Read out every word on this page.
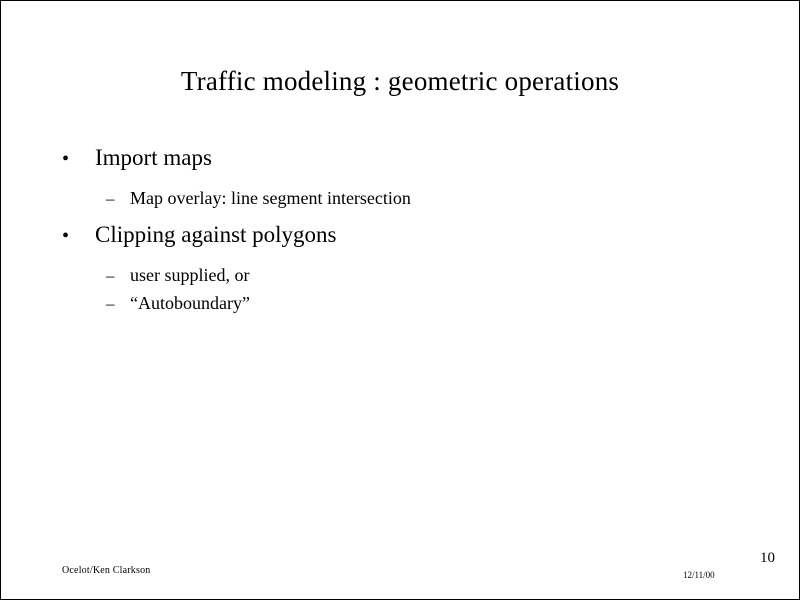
Traffic modeling : geometric operations
•	Import maps
– Map overlay: line segment intersection
•	Clipping against polygons
– user supplied, or
– “Autoboundary”
Ocelot/Ken Clarkson	12/11/00
10
